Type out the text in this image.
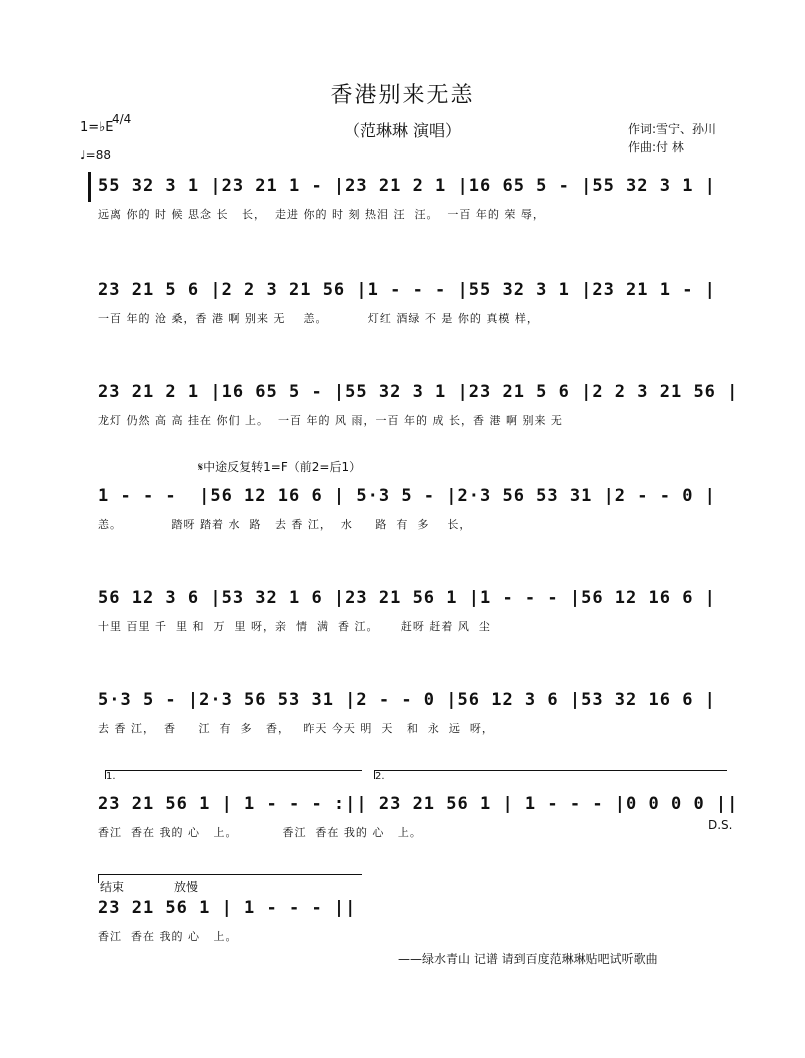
香港别来无恙
（范琳琳 演唱）
1=♭E
4/4
♩=88
作词:雪宁、孙川
作曲:付 林
55 32 3 1 |23 21 1 - |23 21 2 1 |16 65 5 - |55 32 3 1 |
远离 你的 时 候 思念 长   长，  走进 你的 时 刻 热泪 汪  汪。  一百 年的 荣 辱，
23 21 5 6 |2 2 3 21 56 |1 - - - |55 32 3 1 |23 21 1 - |
一百 年的 沧 桑，香 港 啊 别来 无    恙。         灯红 酒绿 不 是 你的 真模 样，
23 21 2 1 |16 65 5 - |55 32 3 1 |23 21 5 6 |2 2 3 21 56 |
龙灯 仍然 高 高 挂在 你们 上。  一百 年的 风 雨，一百 年的 成 长，香 港 啊 别来 无
𝄋中途反复转1=F（前2=后1）
1 - - -  |56 12 16 6 | 5·3 5 - |2·3 56 53 31 |2 - - 0 |
恙。           踏呀 踏着 水  路   去 香 江，  水     路  有  多    长，
56 12 3 6 |53 32 1 6 |23 21 56 1 |1 - - - |56 12 16 6 |
十里 百里 千  里 和  万  里 呀，亲  情  满  香 江。     赶呀 赶着 风  尘
5·3 5 - |2·3 56 53 31 |2 - - 0 |56 12 3 6 |53 32 16 6 |
去 香 江，  香     江  有  多   香，   昨天 今天 明  天   和  永  远  呀，
1.	2.
23 21 56 1 | 1 - - - :|| 23 21 56 1 | 1 - - - |0 0 0 0 ||
香江  香在 我的 心   上。          香江  香在 我的 心   上。
D.S.
结束	放慢
23 21 56 1 | 1 - - - ||
香江  香在 我的 心   上。
——绿水青山 记谱 请到百度范琳琳贴吧试听歌曲
